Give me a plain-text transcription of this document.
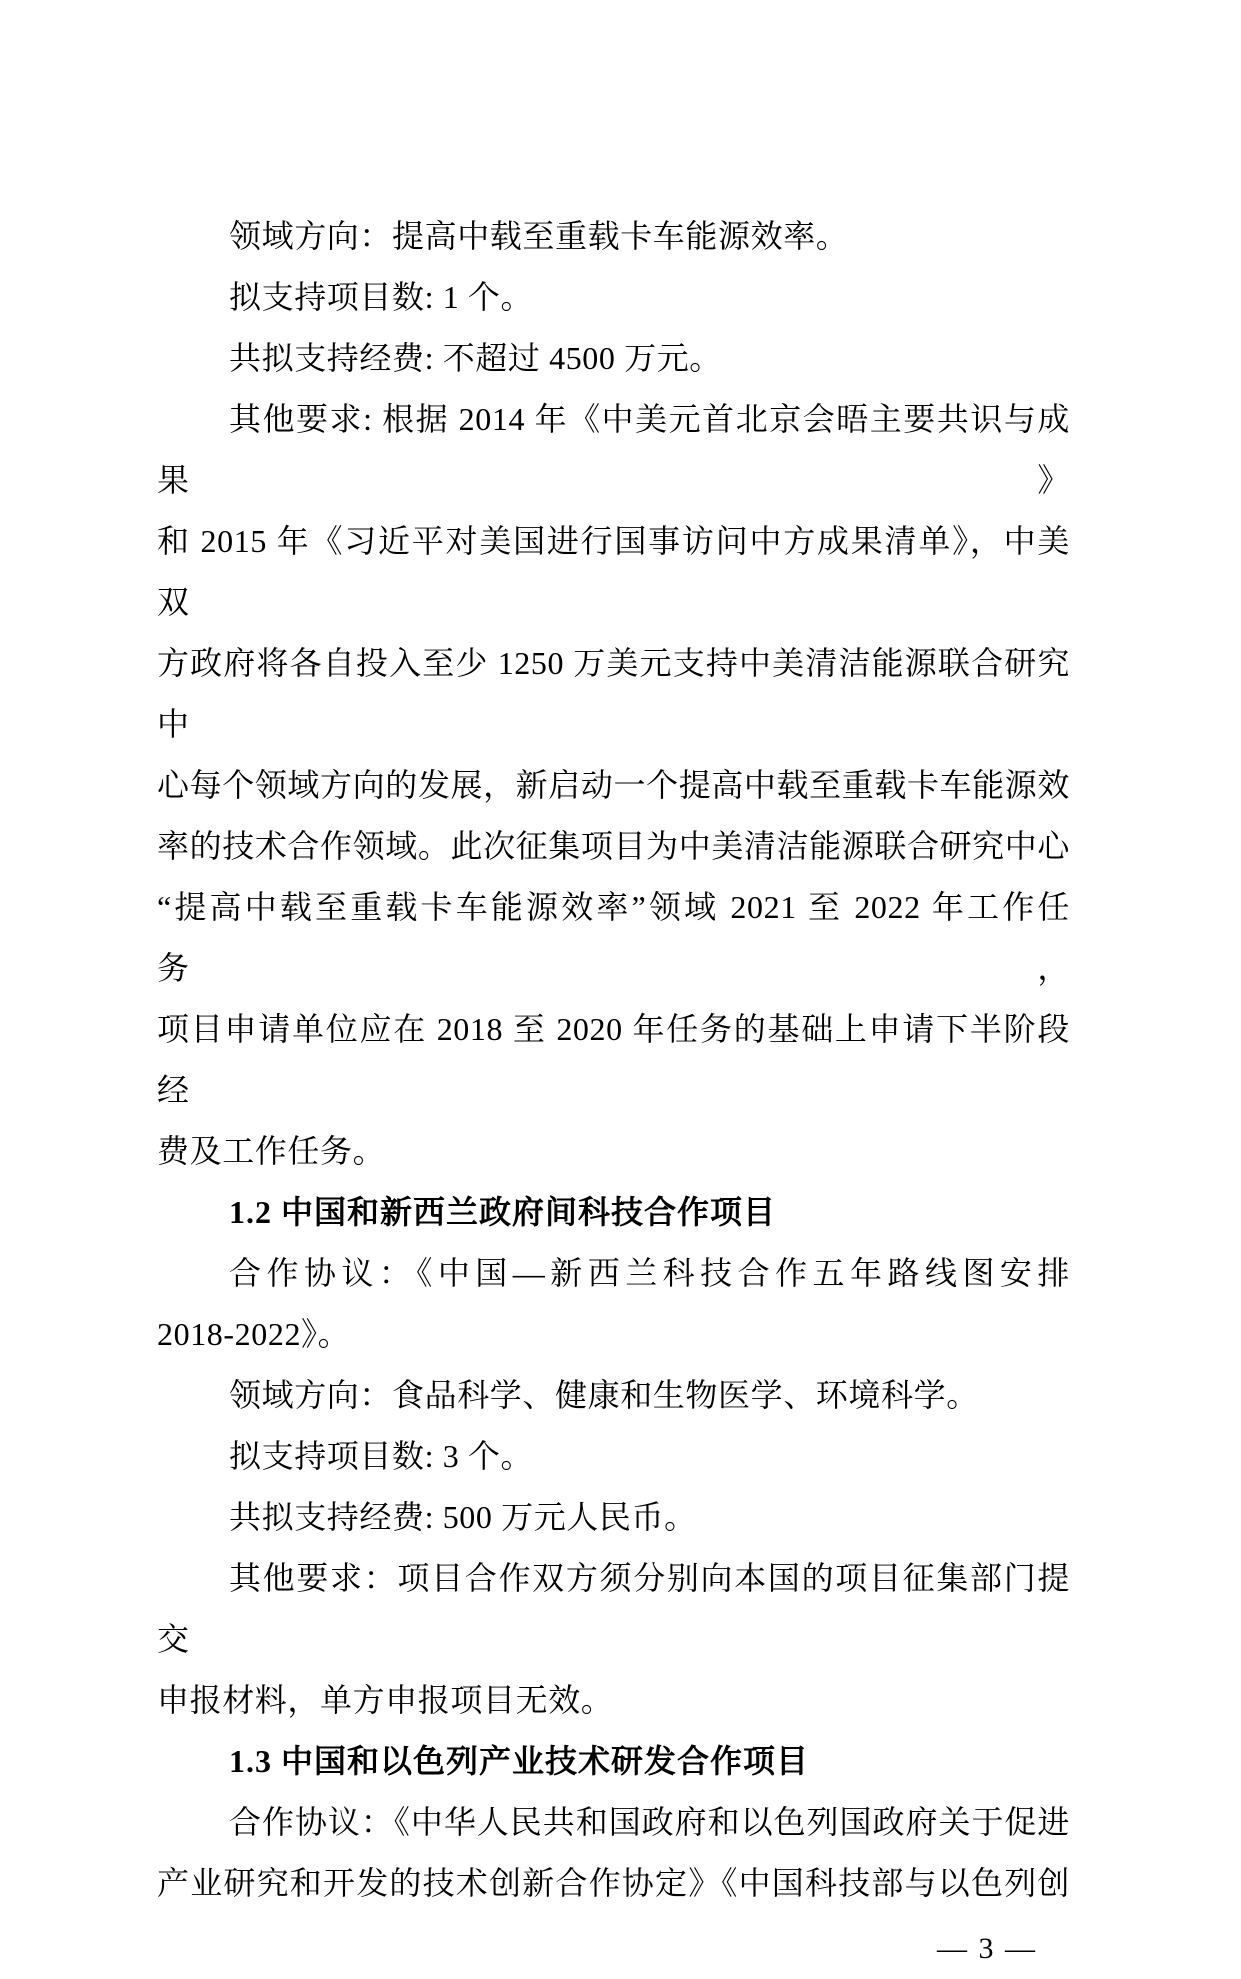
领域方向：提高中载至重载卡车能源效率。
拟支持项目数: 1 个。
共拟支持经费: 不超过 4500 万元。
其他要求: 根据 2014 年《中美元首北京会晤主要共识与成果》
和 2015 年《习近平对美国进行国事访问中方成果清单》，中美双
方政府将各自投入至少 1250 万美元支持中美清洁能源联合研究中
心每个领域方向的发展，新启动一个提高中载至重载卡车能源效
率的技术合作领域。此次征集项目为中美清洁能源联合研究中心
“提高中载至重载卡车能源效率”领域 2021 至 2022 年工作任务，
项目申请单位应在 2018 至 2020 年任务的基础上申请下半阶段经
费及工作任务。
1.2 中国和新西兰政府间科技合作项目
合作协议：《中国—新西兰科技合作五年路线图安排
2018-2022》。
领域方向：食品科学、健康和生物医学、环境科学。
拟支持项目数: 3 个。
共拟支持经费: 500 万元人民币。
其他要求：项目合作双方须分别向本国的项目征集部门提交
申报材料，单方申报项目无效。
1.3 中国和以色列产业技术研发合作项目
合作协议：《中华人民共和国政府和以色列国政府关于促进
产业研究和开发的技术创新合作协定》《中国科技部与以色列创
— 3 —
